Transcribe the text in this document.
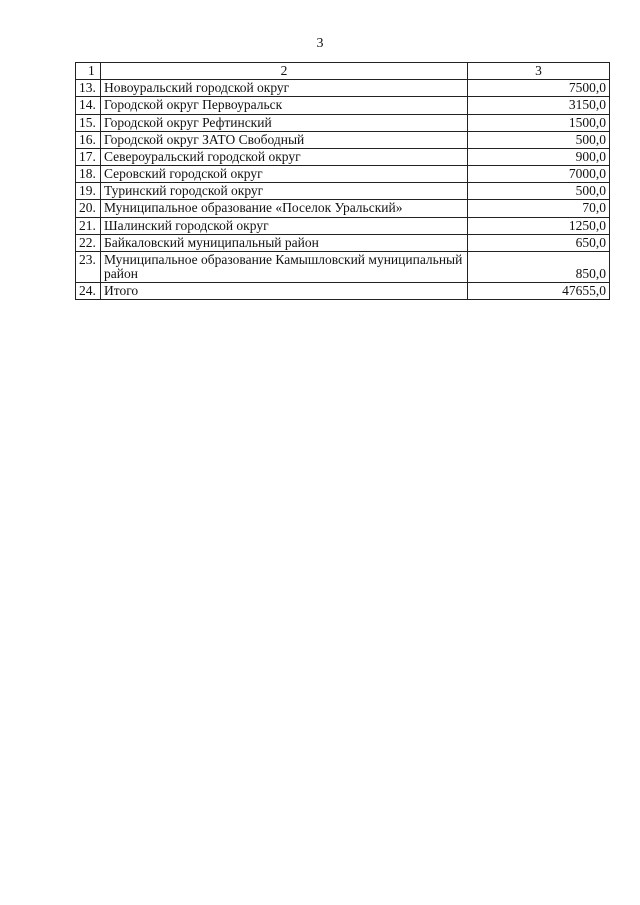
3
1	2	3
13.	Новоуральский городской округ	7500,0
14.	Городской округ Первоуральск	3150,0
15.	Городской округ Рефтинский	1500,0
16.	Городской округ ЗАТО Свободный	500,0
17.	Североуральский городской округ	900,0
18.	Серовский городской округ	7000,0
19.	Туринский городской округ	500,0
20.	Муниципальное образование «Поселок Уральский»	70,0
21.	Шалинский городской округ	1250,0
22.	Байкаловский муниципальный район	650,0
23.	Муниципальное образование Камышловский муниципальный район	850,0
24.	Итого	47655,0
